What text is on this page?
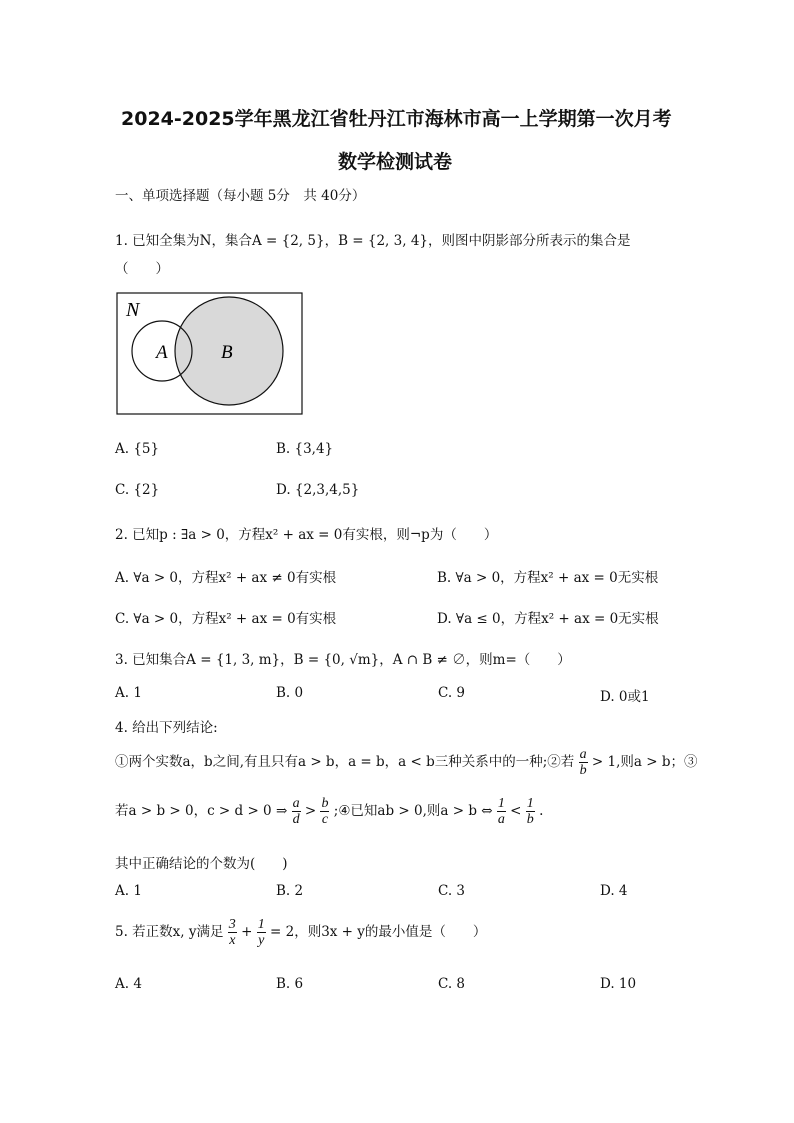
2024-2025学年黑龙江省牡丹江市海林市高一上学期第一次月考
数学检测试卷
一、单项选择题（每小题 5分　共 40分）
1. 已知全集为N，集合A = {2, 5}，B = {2, 3, 4}，则图中阴影部分所表示的集合是
（　　）
N
A	B
A. {5}	B. {3,4}
C. {2}	D. {2,3,4,5}
2. 已知p : ∃a > 0，方程x² + ax = 0有实根，则¬p为（　　）
A. ∀a > 0，方程x² + ax ≠ 0有实根	B. ∀a > 0，方程x² + ax = 0无实根
C. ∀a > 0，方程x² + ax = 0有实根	D. ∀a ≤ 0，方程x² + ax = 0无实根
3. 已知集合A = {1, 3, m}，B = {0, √m}，A ∩ B ≠ ∅，则m=（　　）
A. 1	B. 0	C. 9	D. 0或1
4. 给出下列结论:
①两个实数a，b之间,有且只有a > b，a = b，a < b三种关系中的一种;②若 $\frac{a}{b} > 1$,则a > b；③
若a > b > 0，c > d > 0 ⇒ $\frac{a}{d} > \frac{b}{c}$ ;④已知ab > 0,则a > b ⇔ $\frac{1}{a} < \frac{1}{b}$ .
其中正确结论的个数为(　　)
A. 1	B. 2	C. 3	D. 4
5. 若正数x, y满足 $\frac{3}{x} + \frac{1}{y} = 2$，则3x + y的最小值是（　　）
A. 4	B. 6	C. 8	D. 10
